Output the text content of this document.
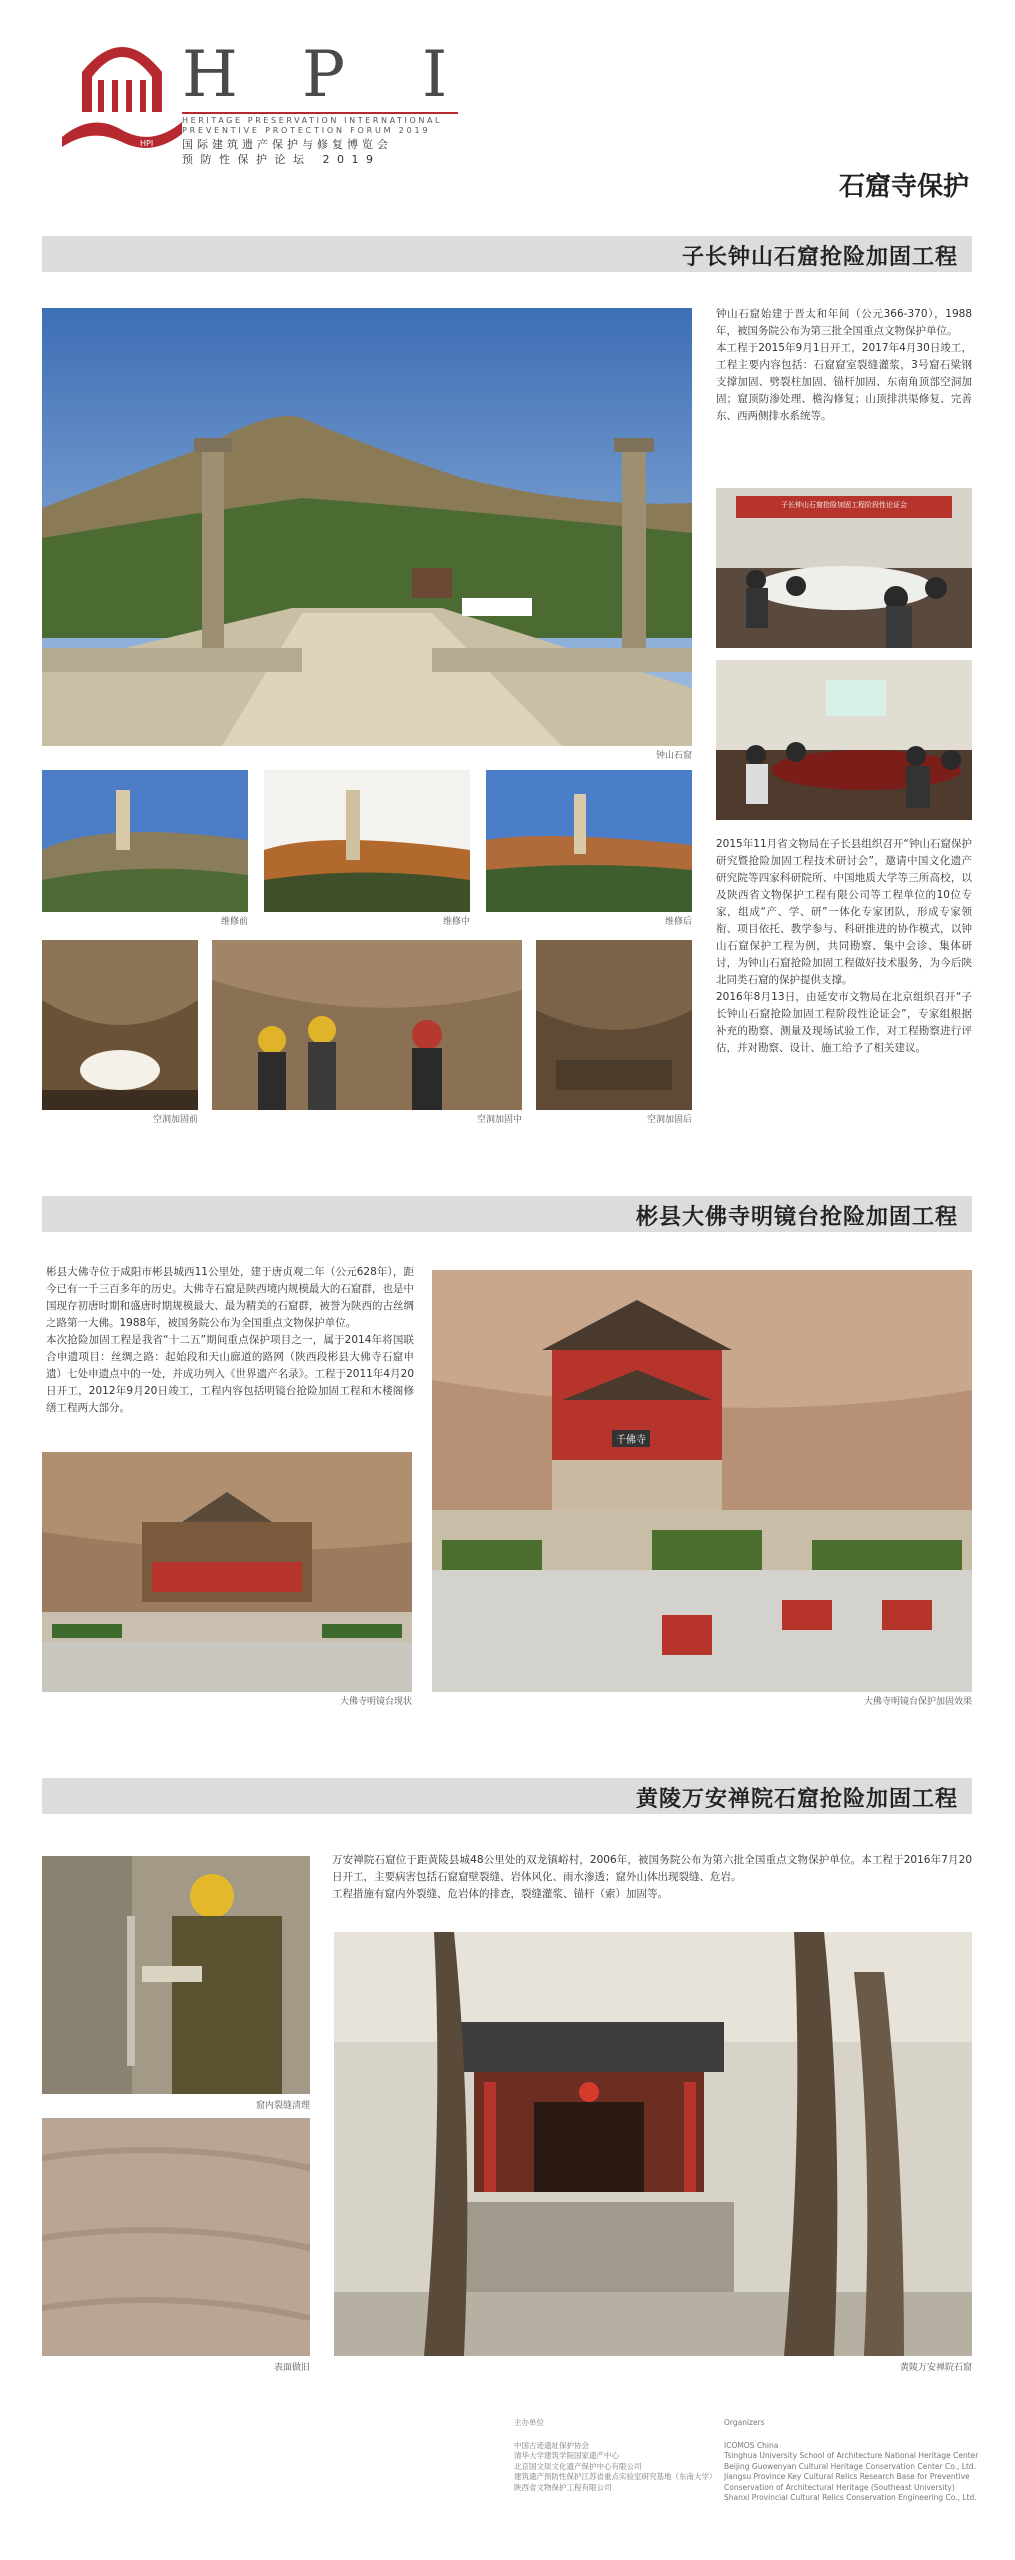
HPI
H P I
HERITAGE PRESERVATION INTERNATIONAL
PREVENTIVE PROTECTION FORUM 2019
国际建筑遗产保护与修复博览会
预防性保护论坛 2019
石窟寺保护
子长钟山石窟抢险加固工程
钟山石窟

钟山石窟始建于晋太和年间（公元366-370），1988年，被国务院公布为第三批全国重点文物保护单位。
本工程于2015年9月1日开工，2017年4月30日竣工，工程主要内容包括：石窟窟室裂缝灌浆，3号窟石梁钢支撑加固、劈裂柱加固、锚杆加固、东南角顶部空洞加固；窟顶防渗处理、檐沟修复；山顶排洪渠修复、完善东、西两侧排水系统等。

子长钟山石窟抢险加固工程阶段性论证会

2015年11月省文物局在子长县组织召开“钟山石窟保护研究暨抢险加固工程技术研讨会”，邀请中国文化遗产研究院等四家科研院所、中国地质大学等三所高校，以及陕西省文物保护工程有限公司等工程单位的10位专家，组成“产、学、研”一体化专家团队，形成专家领衔、项目依托、教学参与、科研推进的协作模式，以钟山石窟保护工程为例，共同勘察、集中会诊、集体研讨，为钟山石窟抢险加固工程做好技术服务，为今后陕北同类石窟的保护提供支撑。
2016年8月13日，由延安市文物局在北京组织召开“子长钟山石窟抢险加固工程阶段性论证会”，专家组根据补充的勘察、测量及现场试验工作，对工程勘察进行评估，并对勘察、设计、施工给予了相关建议。

维修前	维修中	维修后
空洞加固前	空洞加固中	空洞加固后
彬县大佛寺明镜台抢险加固工程

彬县大佛寺位于咸阳市彬县城西11公里处，建于唐贞观二年（公元628年），距今已有一千三百多年的历史。大佛寺石窟是陕西境内规模最大的石窟群，也是中国现存初唐时期和盛唐时期规模最大、最为精美的石窟群，被誉为陕西的古丝绸之路第一大佛。1988年，被国务院公布为全国重点文物保护单位。
本次抢险加固工程是我省“十二五”期间重点保护项目之一，属于2014年将国联合申遗项目：丝绸之路：起始段和天山廊道的路网（陕西段彬县大佛寺石窟申遗）七处申遗点中的一处，并成功列入《世界遗产名录》。工程于2011年4月20日开工，2012年9月20日竣工，工程内容包括明镜台抢险加固工程和木楼阁修缮工程两大部分。

大佛寺明镜台现状
千佛寺
大佛寺明镜台保护加固效果
黄陵万安禅院石窟抢险加固工程

万安禅院石窟位于距黄陵县城48公里处的双龙镇峪村，2006年，被国务院公布为第六批全国重点文物保护单位。本工程于2016年7月20日开工，主要病害包括石窟窟壁裂缝、岩体风化、雨水渗透；窟外山体出现裂缝、危岩。
工程措施有窟内外裂缝、危岩体的排查，裂缝灌浆、锚杆（索）加固等。

窟内裂缝清理
表面做旧	黄陵万安禅院石窟
主办单位
中国古迹遗址保护协会
清华大学建筑学院国家遗产中心
北京国文琰文化遗产保护中心有限公司
建筑遗产预防性保护江苏省重点实验室研究基地（东南大学）
陕西省文物保护工程有限公司
Organizers
ICOMOS China
Tsinghua University School of Architecture National Heritage Center
Beijing Guowenyan Cultural Heritage Conservation Center Co., Ltd.
Jiangsu Province Key Cultural Relics Research Base for Preventive
Conservation of Architectural Heritage (Southeast University)
Shanxi Provincial Cultural Relics Conservation Engineering Co., Ltd.
